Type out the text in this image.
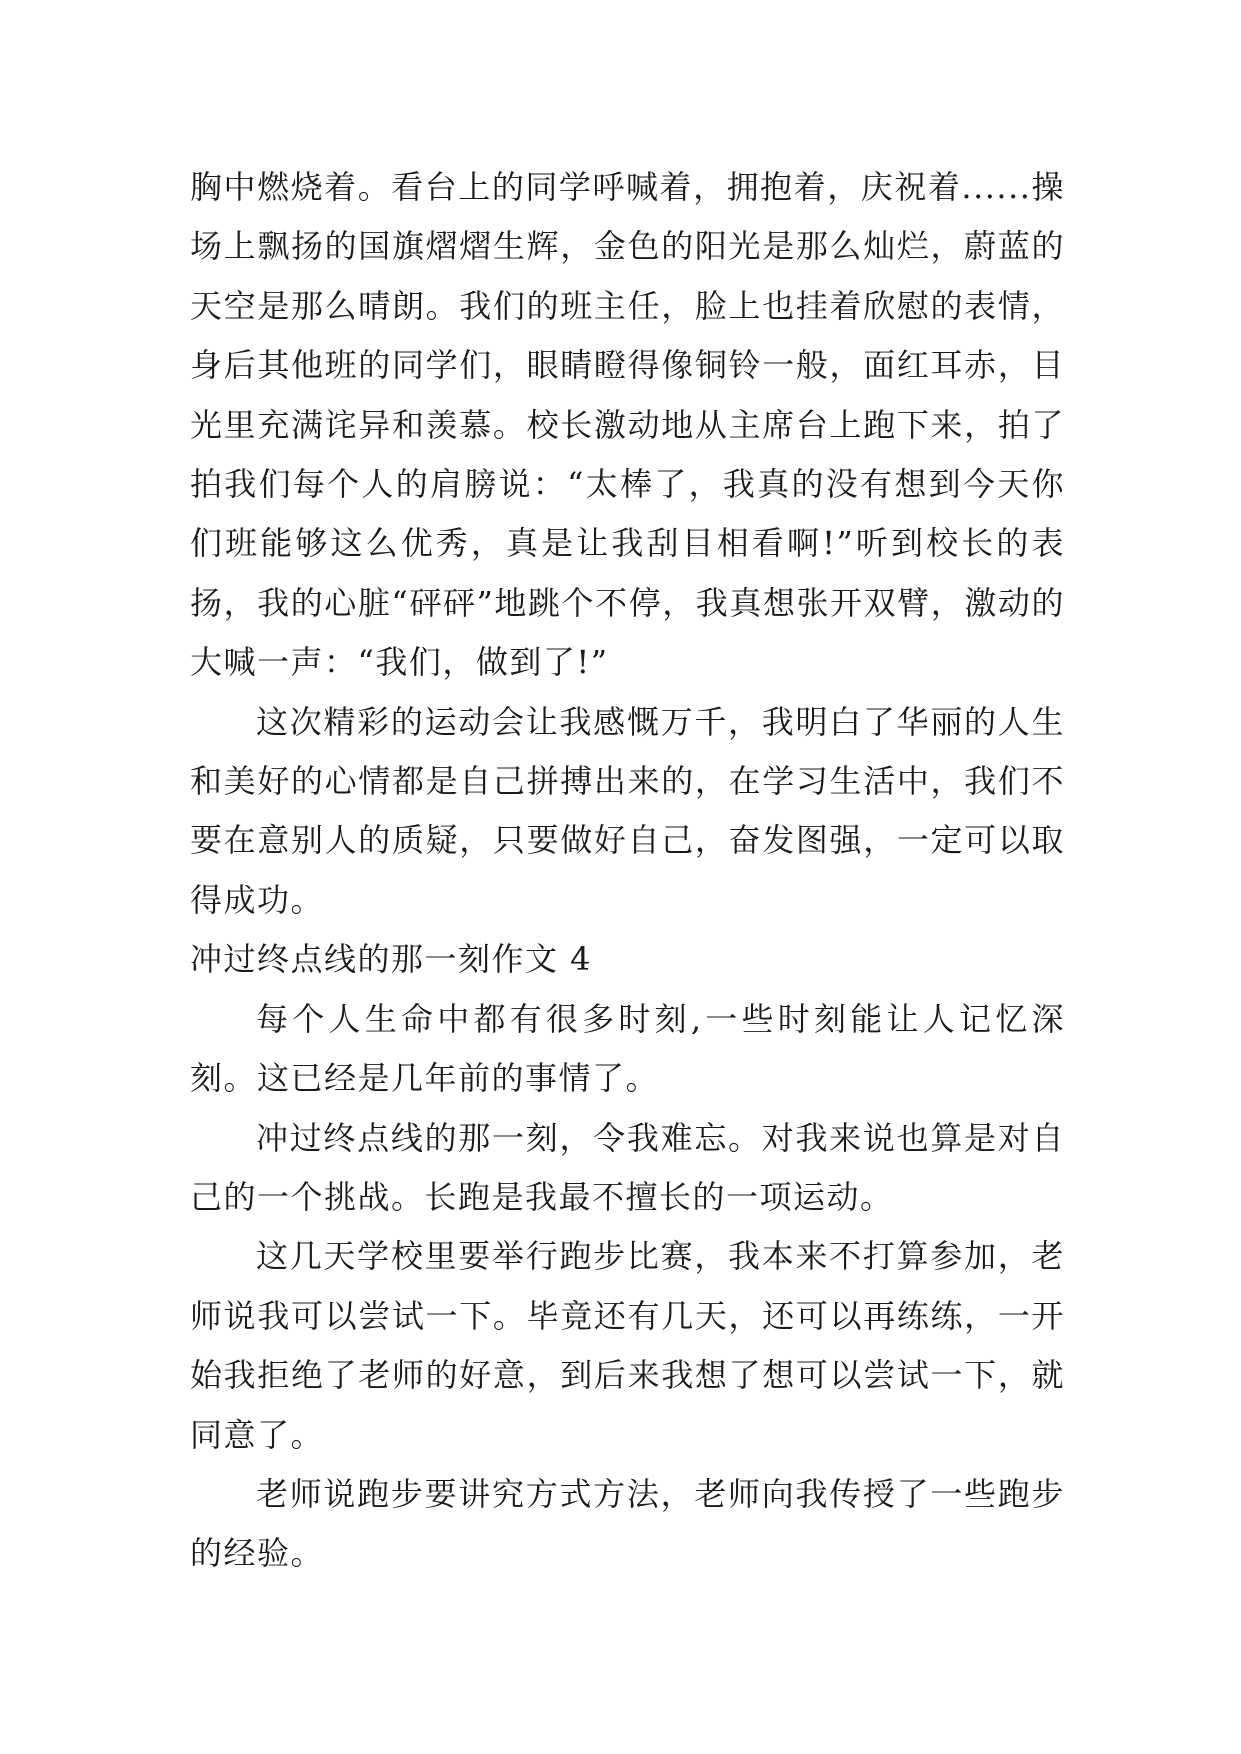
胸中燃烧着。看台上的同学呼喊着，拥抱着，庆祝着......操场上飘扬的国旗熠熠生辉，金色的阳光是那么灿烂，蔚蓝的天空是那么晴朗。我们的班主任，脸上也挂着欣慰的表情，身后其他班的同学们，眼睛瞪得像铜铃一般，面红耳赤，目光里充满诧异和羡慕。校长激动地从主席台上跑下来，拍了拍我们每个人的肩膀说：“太棒了，我真的没有想到今天你们班能够这么优秀，真是让我刮目相看啊!”听到校长的表扬，我的心脏“砰砰”地跳个不停，我真想张开双臂，激动的大喊一声：“我们，做到了!”

这次精彩的运动会让我感慨万千，我明白了华丽的人生和美好的心情都是自己拼搏出来的，在学习生活中，我们不要在意别人的质疑，只要做好自己，奋发图强，一定可以取得成功。

冲过终点线的那一刻作文 4

每个人生命中都有很多时刻,一些时刻能让人记忆深刻。这已经是几年前的事情了。

冲过终点线的那一刻，令我难忘。对我来说也算是对自己的一个挑战。长跑是我最不擅长的一项运动。

这几天学校里要举行跑步比赛，我本来不打算参加，老师说我可以尝试一下。毕竟还有几天，还可以再练练，一开始我拒绝了老师的好意，到后来我想了想可以尝试一下，就同意了。

老师说跑步要讲究方式方法，老师向我传授了一些跑步的经验。
